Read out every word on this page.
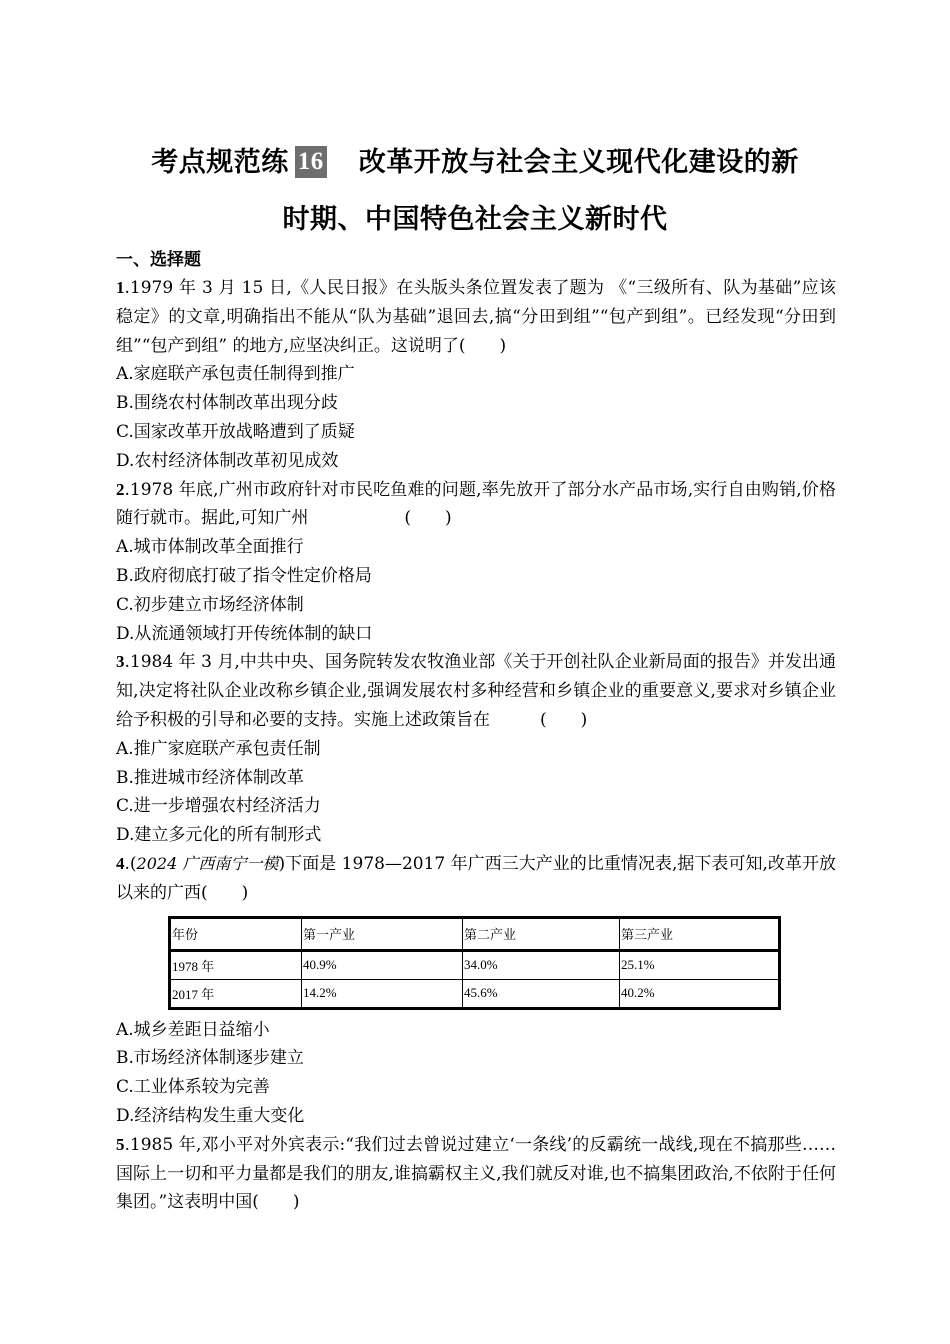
考点规范练 16 改革开放与社会主义现代化建设的新
时期、中国特色社会主义新时代
一、选择题
1.1979 年 3 月 15 日,《人民日报》在头版头条位置发表了题为 《“三级所有、队为基础”应该稳定》的文章,明确指出不能从“队为基础”退回去,搞“分田到组”“包产到组”。已经发现“分田到组”“包产到组” 的地方,应坚决纠正。这说明了(　　)
A.家庭联产承包责任制得到推广
B.围绕农村体制改革出现分歧
C.国家改革开放战略遭到了质疑
D.农村经济体制改革初见成效
2.1978 年底,广州市政府针对市民吃鱼难的问题,率先放开了部分水产品市场,实行自由购销,价格随行就市。据此,可知广州	(　　)
A.城市体制改革全面推行
B.政府彻底打破了指令性定价格局
C.初步建立市场经济体制
D.从流通领域打开传统体制的缺口
3.1984 年 3 月,中共中央、国务院转发农牧渔业部《关于开创社队企业新局面的报告》并发出通知,决定将社队企业改称乡镇企业,强调发展农村多种经营和乡镇企业的重要意义,要求对乡镇企业给予积极的引导和必要的支持。实施上述政策旨在	(　　)
A.推广家庭联产承包责任制
B.推进城市经济体制改革
C.进一步增强农村经济活力
D.建立多元化的所有制形式
4.(2024 广西南宁一模)下面是 1978—2017 年广西三大产业的比重情况表,据下表可知,改革开放以来的广西(　　)
年份	第一产业	第二产业	第三产业
1978 年	40.9%	34.0%	25.1%
2017 年	14.2%	45.6%	40.2%
A.城乡差距日益缩小
B.市场经济体制逐步建立
C.工业体系较为完善
D.经济结构发生重大变化
5.1985 年,邓小平对外宾表示:“我们过去曾说过建立‘一条线’的反霸统一战线,现在不搞那些……国际上一切和平力量都是我们的朋友,谁搞霸权主义,我们就反对谁,也不搞集团政治,不依附于任何集团。”这表明中国(　　)
